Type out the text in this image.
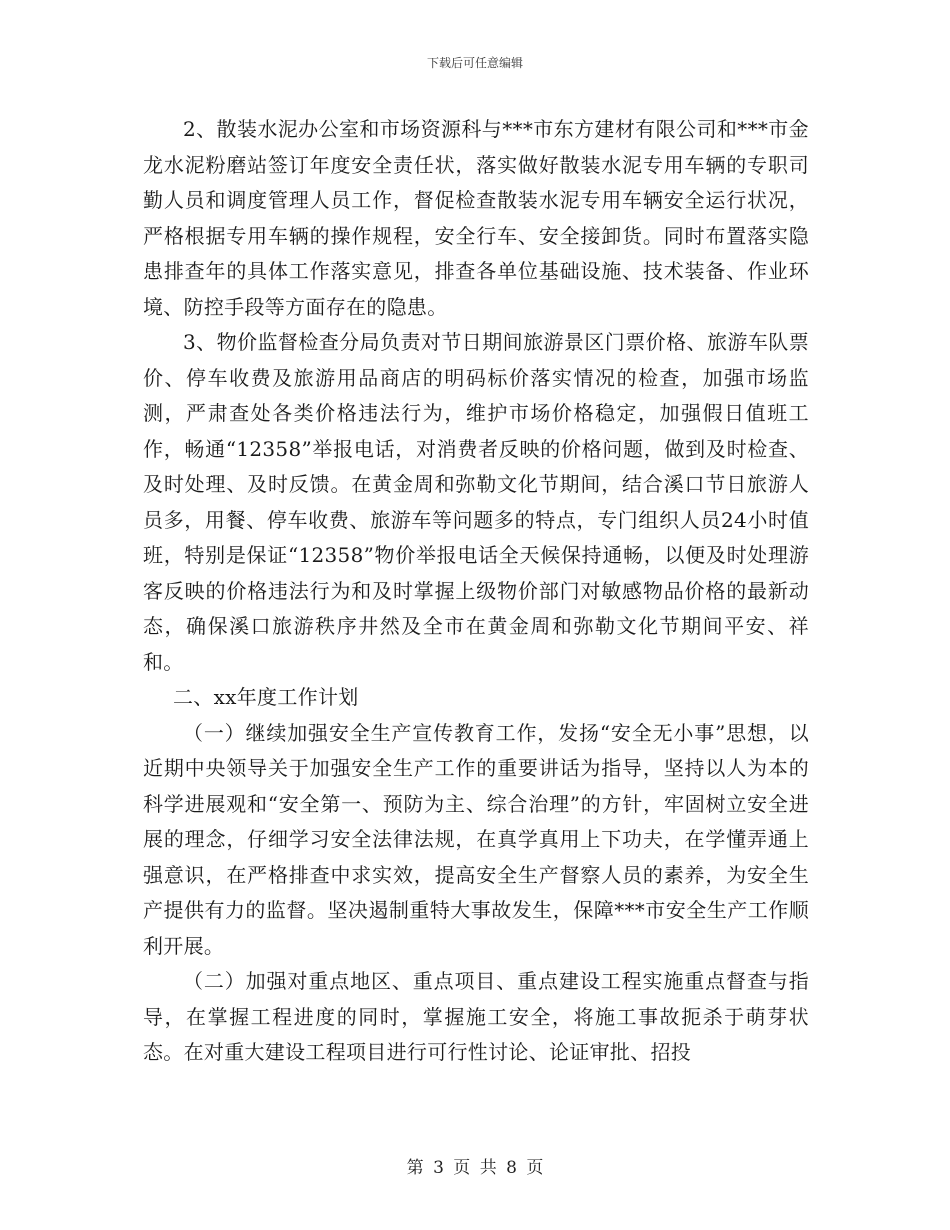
下载后可任意编辑

2、散装水泥办公室和市场资源科与***市东方建材有限公司和***市金龙水泥粉磨站签订年度安全责任状，落实做好散装水泥专用车辆的专职司勤人员和调度管理人员工作，督促检查散装水泥专用车辆安全运行状况，严格根据专用车辆的操作规程，安全行车、安全接卸货。同时布置落实隐患排查年的具体工作落实意见，排查各单位基础设施、技术装备、作业环境、防控手段等方面存在的隐患。

3、物价监督检查分局负责对节日期间旅游景区门票价格、旅游车队票价、停车收费及旅游用品商店的明码标价落实情况的检查，加强市场监测，严肃查处各类价格违法行为，维护市场价格稳定，加强假日值班工作，畅通“12358”举报电话，对消费者反映的价格问题，做到及时检查、及时处理、及时反馈。在黄金周和弥勒文化节期间，结合溪口节日旅游人员多，用餐、停车收费、旅游车等问题多的特点，专门组织人员24小时值班，特别是保证“12358”物价举报电话全天候保持通畅，以便及时处理游客反映的价格违法行为和及时掌握上级物价部门对敏感物品价格的最新动态，确保溪口旅游秩序井然及全市在黄金周和弥勒文化节期间平安、祥和。

二、xx年度工作计划

（一）继续加强安全生产宣传教育工作，发扬“安全无小事”思想，以近期中央领导关于加强安全生产工作的重要讲话为指导，坚持以人为本的科学进展观和“安全第一、预防为主、综合治理”的方针，牢固树立安全进展的理念，仔细学习安全法律法规，在真学真用上下功夫，在学懂弄通上强意识，在严格排查中求实效，提高安全生产督察人员的素养，为安全生产提供有力的监督。坚决遏制重特大事故发生，保障***市安全生产工作顺利开展。

（二）加强对重点地区、重点项目、重点建设工程实施重点督查与指导，在掌握工程进度的同时，掌握施工安全，将施工事故扼杀于萌芽状态。在对重大建设工程项目进行可行性讨论、论证审批、招投

第 3 页 共 8 页
